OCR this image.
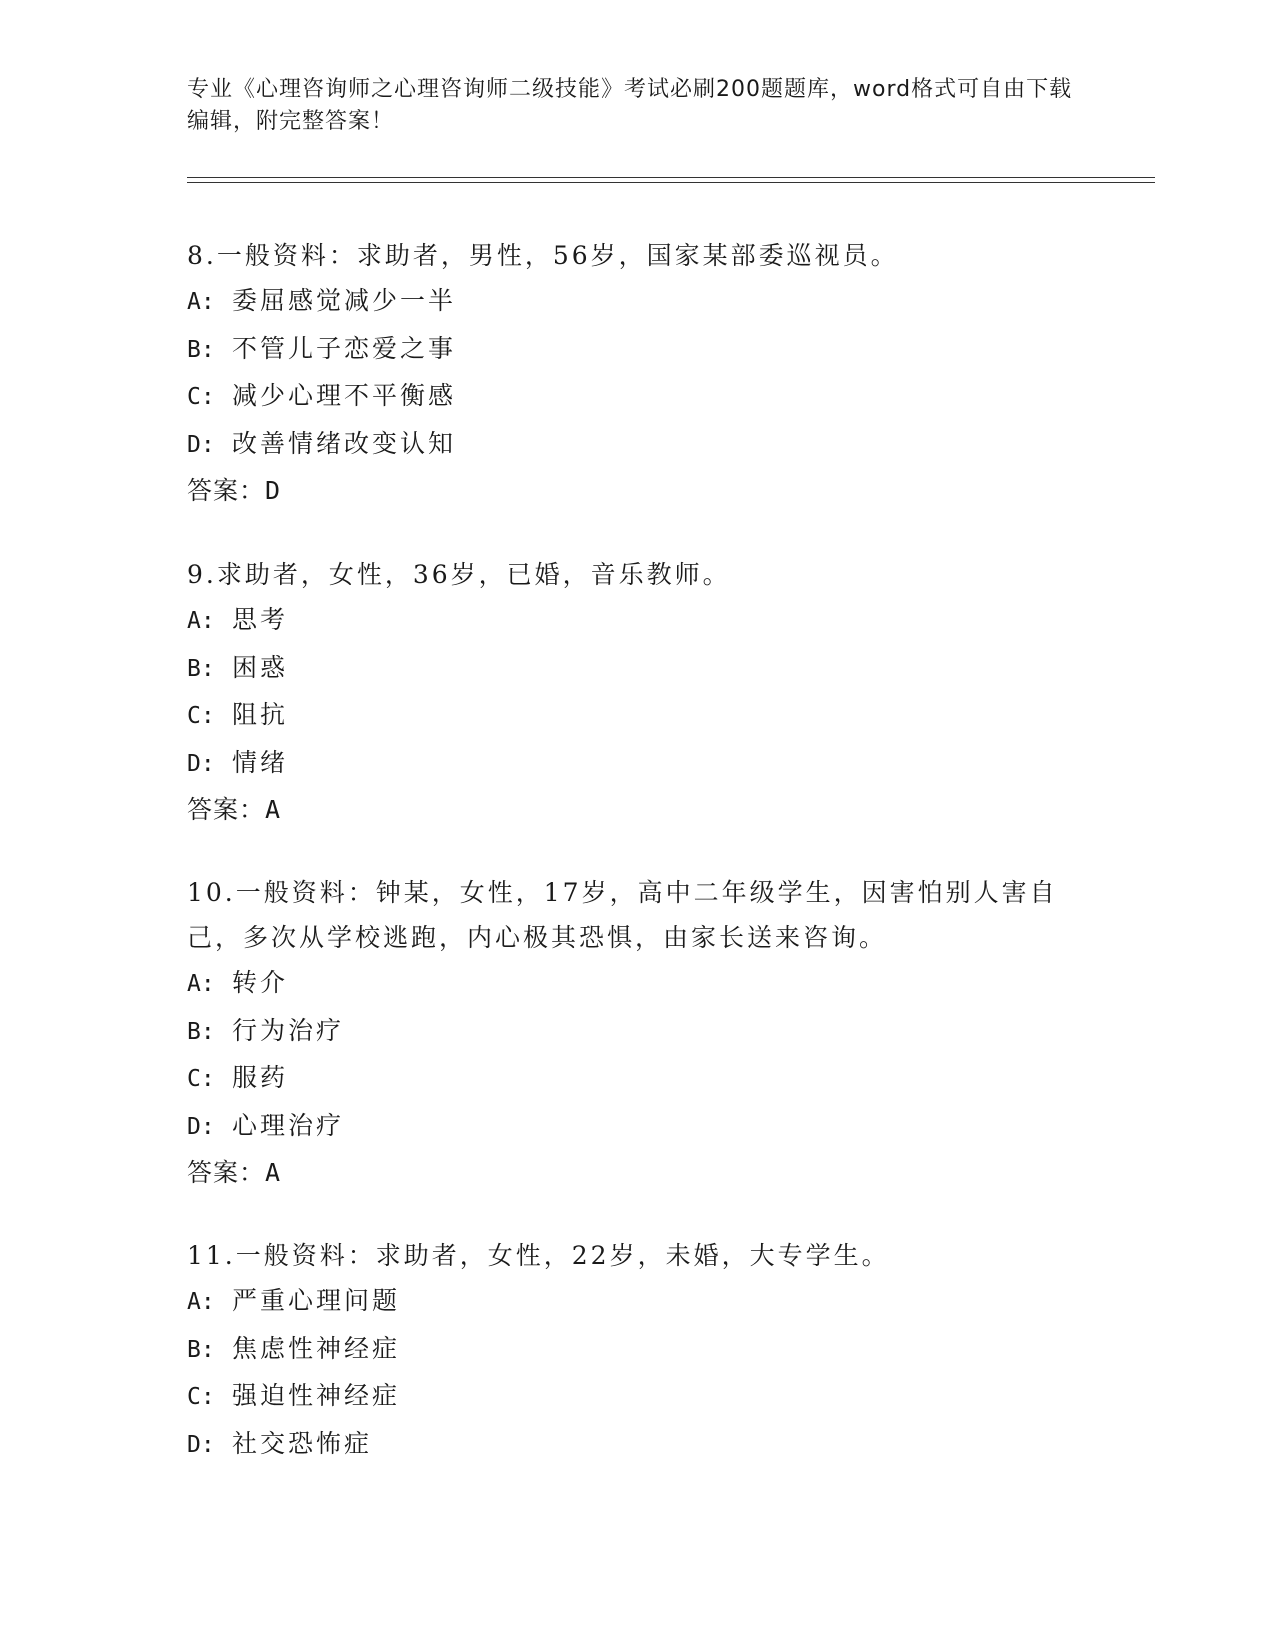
专业《心理咨询师之心理咨询师二级技能》考试必刷200题题库，word格式可自由下载编辑，附完整答案！

8.一般资料：求助者，男性，56岁，国家某部委巡视员。

A: 委屈感觉减少一半

B: 不管儿子恋爱之事

C: 减少心理不平衡感

D: 改善情绪改变认知

答案：D

9.求助者，女性，36岁，已婚，音乐教师。

A: 思考

B: 困惑

C: 阻抗

D: 情绪

答案：A

10.一般资料：钟某，女性，17岁，高中二年级学生，因害怕别人害自己，多次从学校逃跑，内心极其恐惧，由家长送来咨询。

A: 转介

B: 行为治疗

C: 服药

D: 心理治疗

答案：A

11.一般资料：求助者，女性，22岁，未婚，大专学生。

A: 严重心理问题

B: 焦虑性神经症

C: 强迫性神经症

D: 社交恐怖症
